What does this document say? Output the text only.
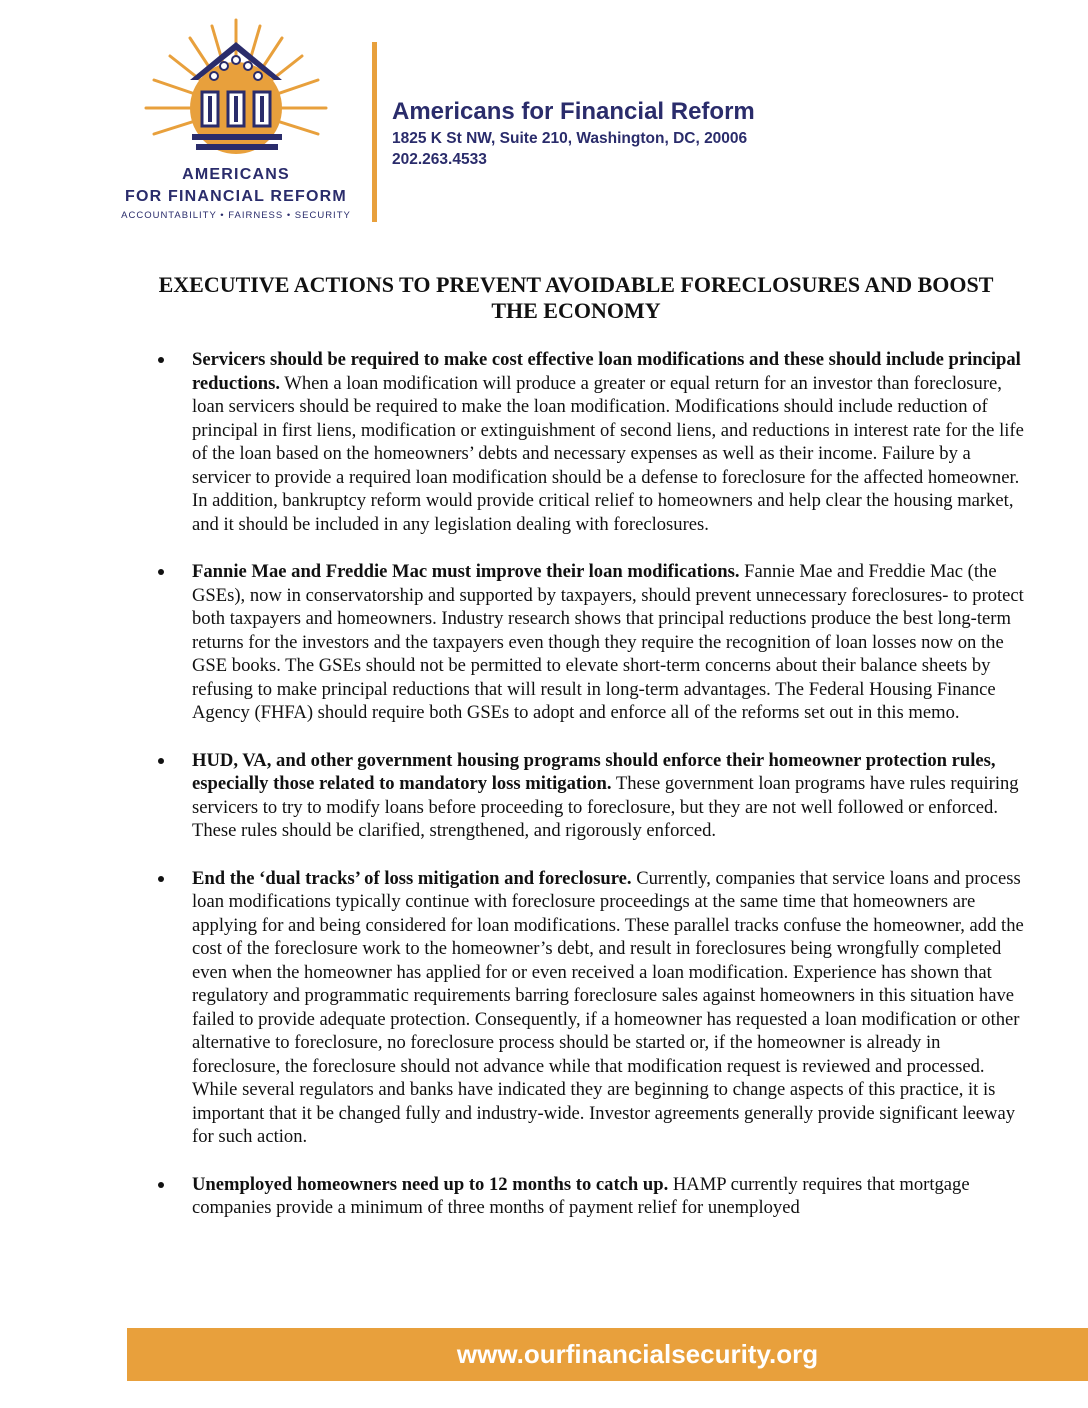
AMERICANS
FOR FINANCIAL REFORM
ACCOUNTABILITY • FAIRNESS • SECURITY
Americans for Financial Reform
1825 K St NW, Suite 210, Washington, DC, 20006
202.263.4533
EXECUTIVE ACTIONS TO PREVENT AVOIDABLE FORECLOSURES AND BOOST
THE ECONOMY
Servicers should be required to make cost effective loan modifications and these should include principal reductions. When a loan modification will produce a greater or equal return for an investor than foreclosure, loan servicers should be required to make the loan modification. Modifications should include reduction of principal in first liens, modification or extinguishment of second liens, and reductions in interest rate for the life of the loan based on the homeowners’ debts and necessary expenses as well as their income. Failure by a servicer to provide a required loan modification should be a defense to foreclosure for the affected homeowner. In addition, bankruptcy reform would provide critical relief to homeowners and help clear the housing market, and it should be included in any legislation dealing with foreclosures.
Fannie Mae and Freddie Mac must improve their loan modifications. Fannie Mae and Freddie Mac (the GSEs), now in conservatorship and supported by taxpayers, should prevent unnecessary foreclosures- to protect both taxpayers and homeowners. Industry research shows that principal reductions produce the best long-term returns for the investors and the taxpayers even though they require the recognition of loan losses now on the GSE books. The GSEs should not be permitted to elevate short-term concerns about their balance sheets by refusing to make principal reductions that will result in long-term advantages. The Federal Housing Finance Agency (FHFA) should require both GSEs to adopt and enforce all of the reforms set out in this memo.
HUD, VA, and other government housing programs should enforce their homeowner protection rules, especially those related to mandatory loss mitigation. These government loan programs have rules requiring servicers to try to modify loans before proceeding to foreclosure, but they are not well followed or enforced. These rules should be clarified, strengthened, and rigorously enforced.
End the ‘dual tracks’ of loss mitigation and foreclosure. Currently, companies that service loans and process loan modifications typically continue with foreclosure proceedings at the same time that homeowners are applying for and being considered for loan modifications. These parallel tracks confuse the homeowner, add the cost of the foreclosure work to the homeowner’s debt, and result in foreclosures being wrongfully completed even when the homeowner has applied for or even received a loan modification. Experience has shown that regulatory and programmatic requirements barring foreclosure sales against homeowners in this situation have failed to provide adequate protection. Consequently, if a homeowner has requested a loan modification or other alternative to foreclosure, no foreclosure process should be started or, if the homeowner is already in foreclosure, the foreclosure should not advance while that modification request is reviewed and processed. While several regulators and banks have indicated they are beginning to change aspects of this practice, it is important that it be changed fully and industry-wide. Investor agreements generally provide significant leeway for such action.
Unemployed homeowners need up to 12 months to catch up. HAMP currently requires that mortgage companies provide a minimum of three months of payment relief for unemployed
www.ourfinancialsecurity.org
